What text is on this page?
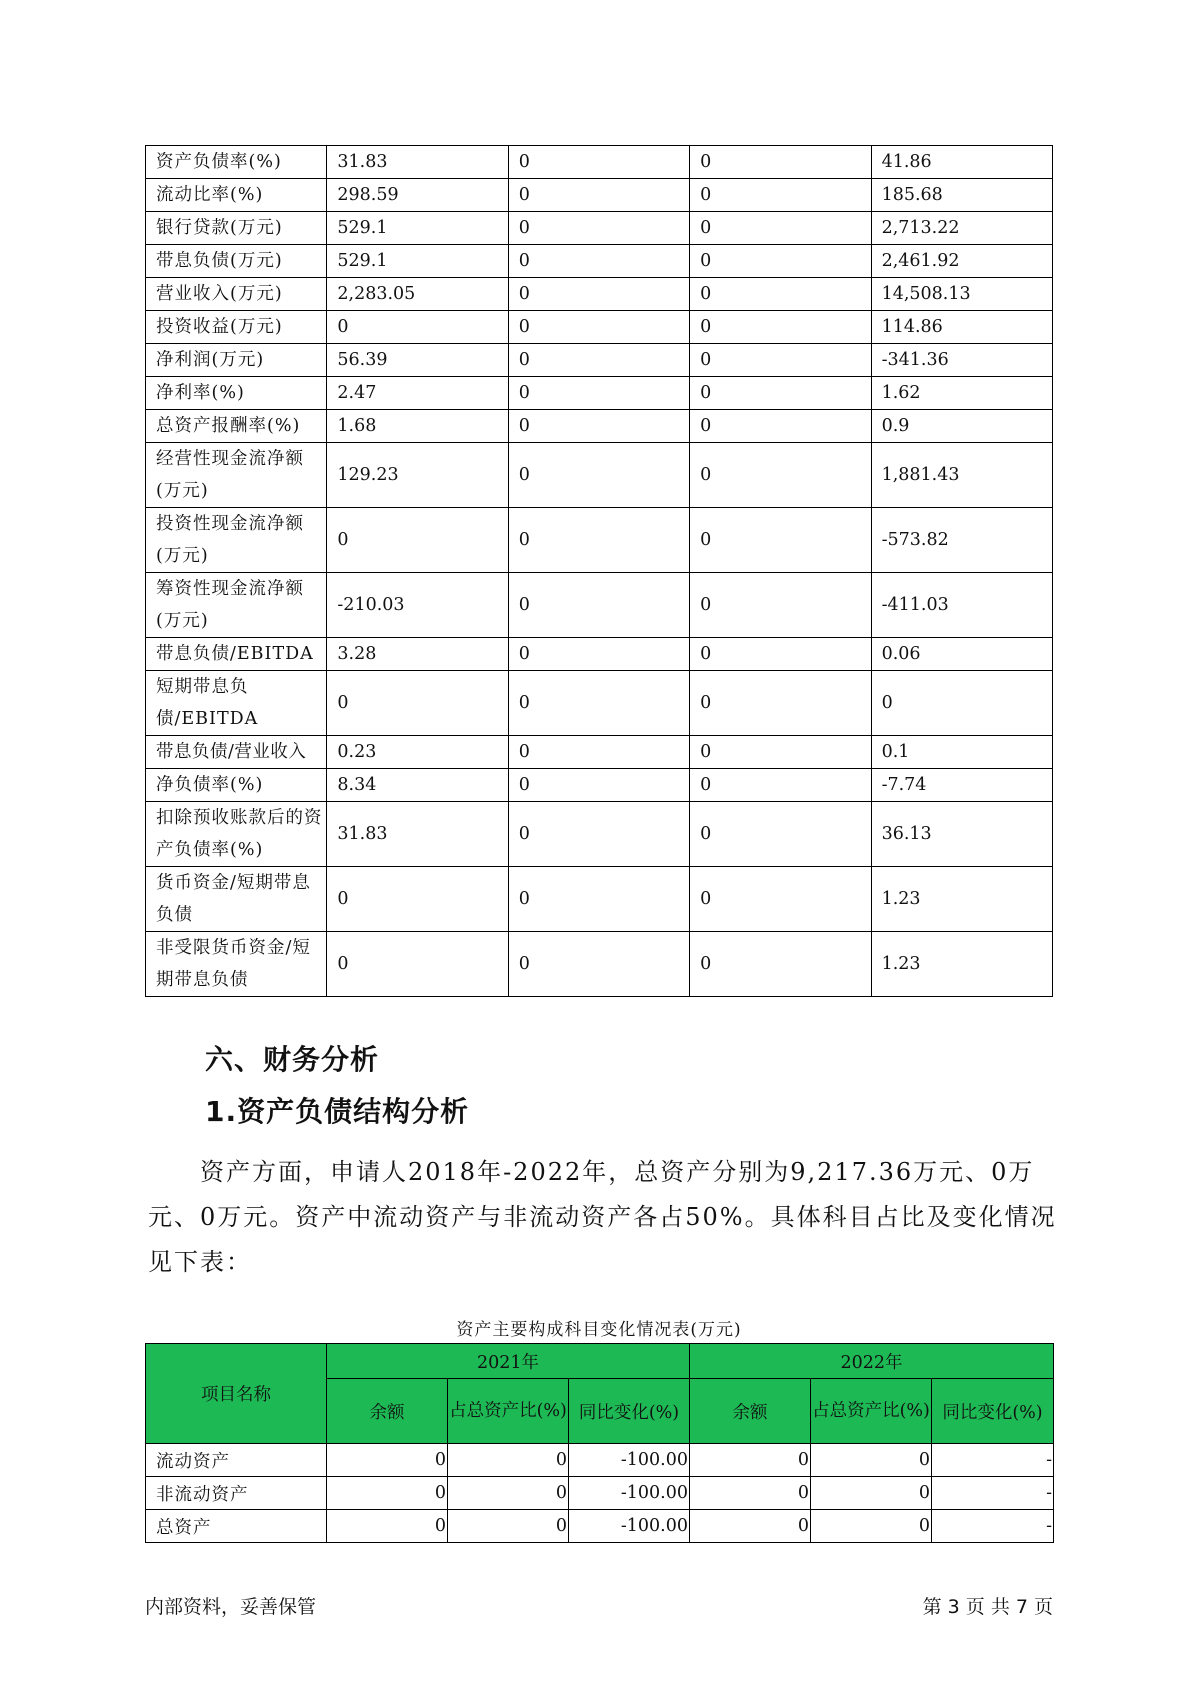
资产负债率(%)	31.83	0	0	41.86
流动比率(%)	298.59	0	0	185.68
银行贷款(万元)	529.1	0	0	2,713.22
带息负债(万元)	529.1	0	0	2,461.92
营业收入(万元)	2,283.05	0	0	14,508.13
投资收益(万元)	0	0	0	114.86
净利润(万元)	56.39	0	0	-341.36
净利率(%)	2.47	0	0	1.62
总资产报酬率(%)	1.68	0	0	0.9
经营性现金流净额(万元)	129.23	0	0	1,881.43
投资性现金流净额(万元)	0	0	0	-573.82
筹资性现金流净额(万元)	-210.03	0	0	-411.03
带息负债/EBITDA	3.28	0	0	0.06
短期带息负债/EBITDA	0	0	0	0
带息负债/营业收入	0.23	0	0	0.1
净负债率(%)	8.34	0	0	-7.74
扣除预收账款后的资产负债率(%)	31.83	0	0	36.13
货币资金/短期带息负债	0	0	0	1.23
非受限货币资金/短期带息负债	0	0	0	1.23
六、财务分析
1.资产负债结构分析

资产方面，申请人2018年-2022年，总资产分别为9,217.36万元、0万元、0万元。资产中流动资产与非流动资产各占50%。具体科目占比及变化情况见下表：

资产主要构成科目变化情况表(万元)
项目名称	2021年			2022年		
	余额	占总资产比(%)	同比变化(%)	余额	占总资产比(%)	同比变化(%)
流动资产	0	0	-100.00	0	0	-
非流动资产	0	0	-100.00	0	0	-
总资产	0	0	-100.00	0	0	-
内部资料，妥善保管	第 3 页 共 7 页
